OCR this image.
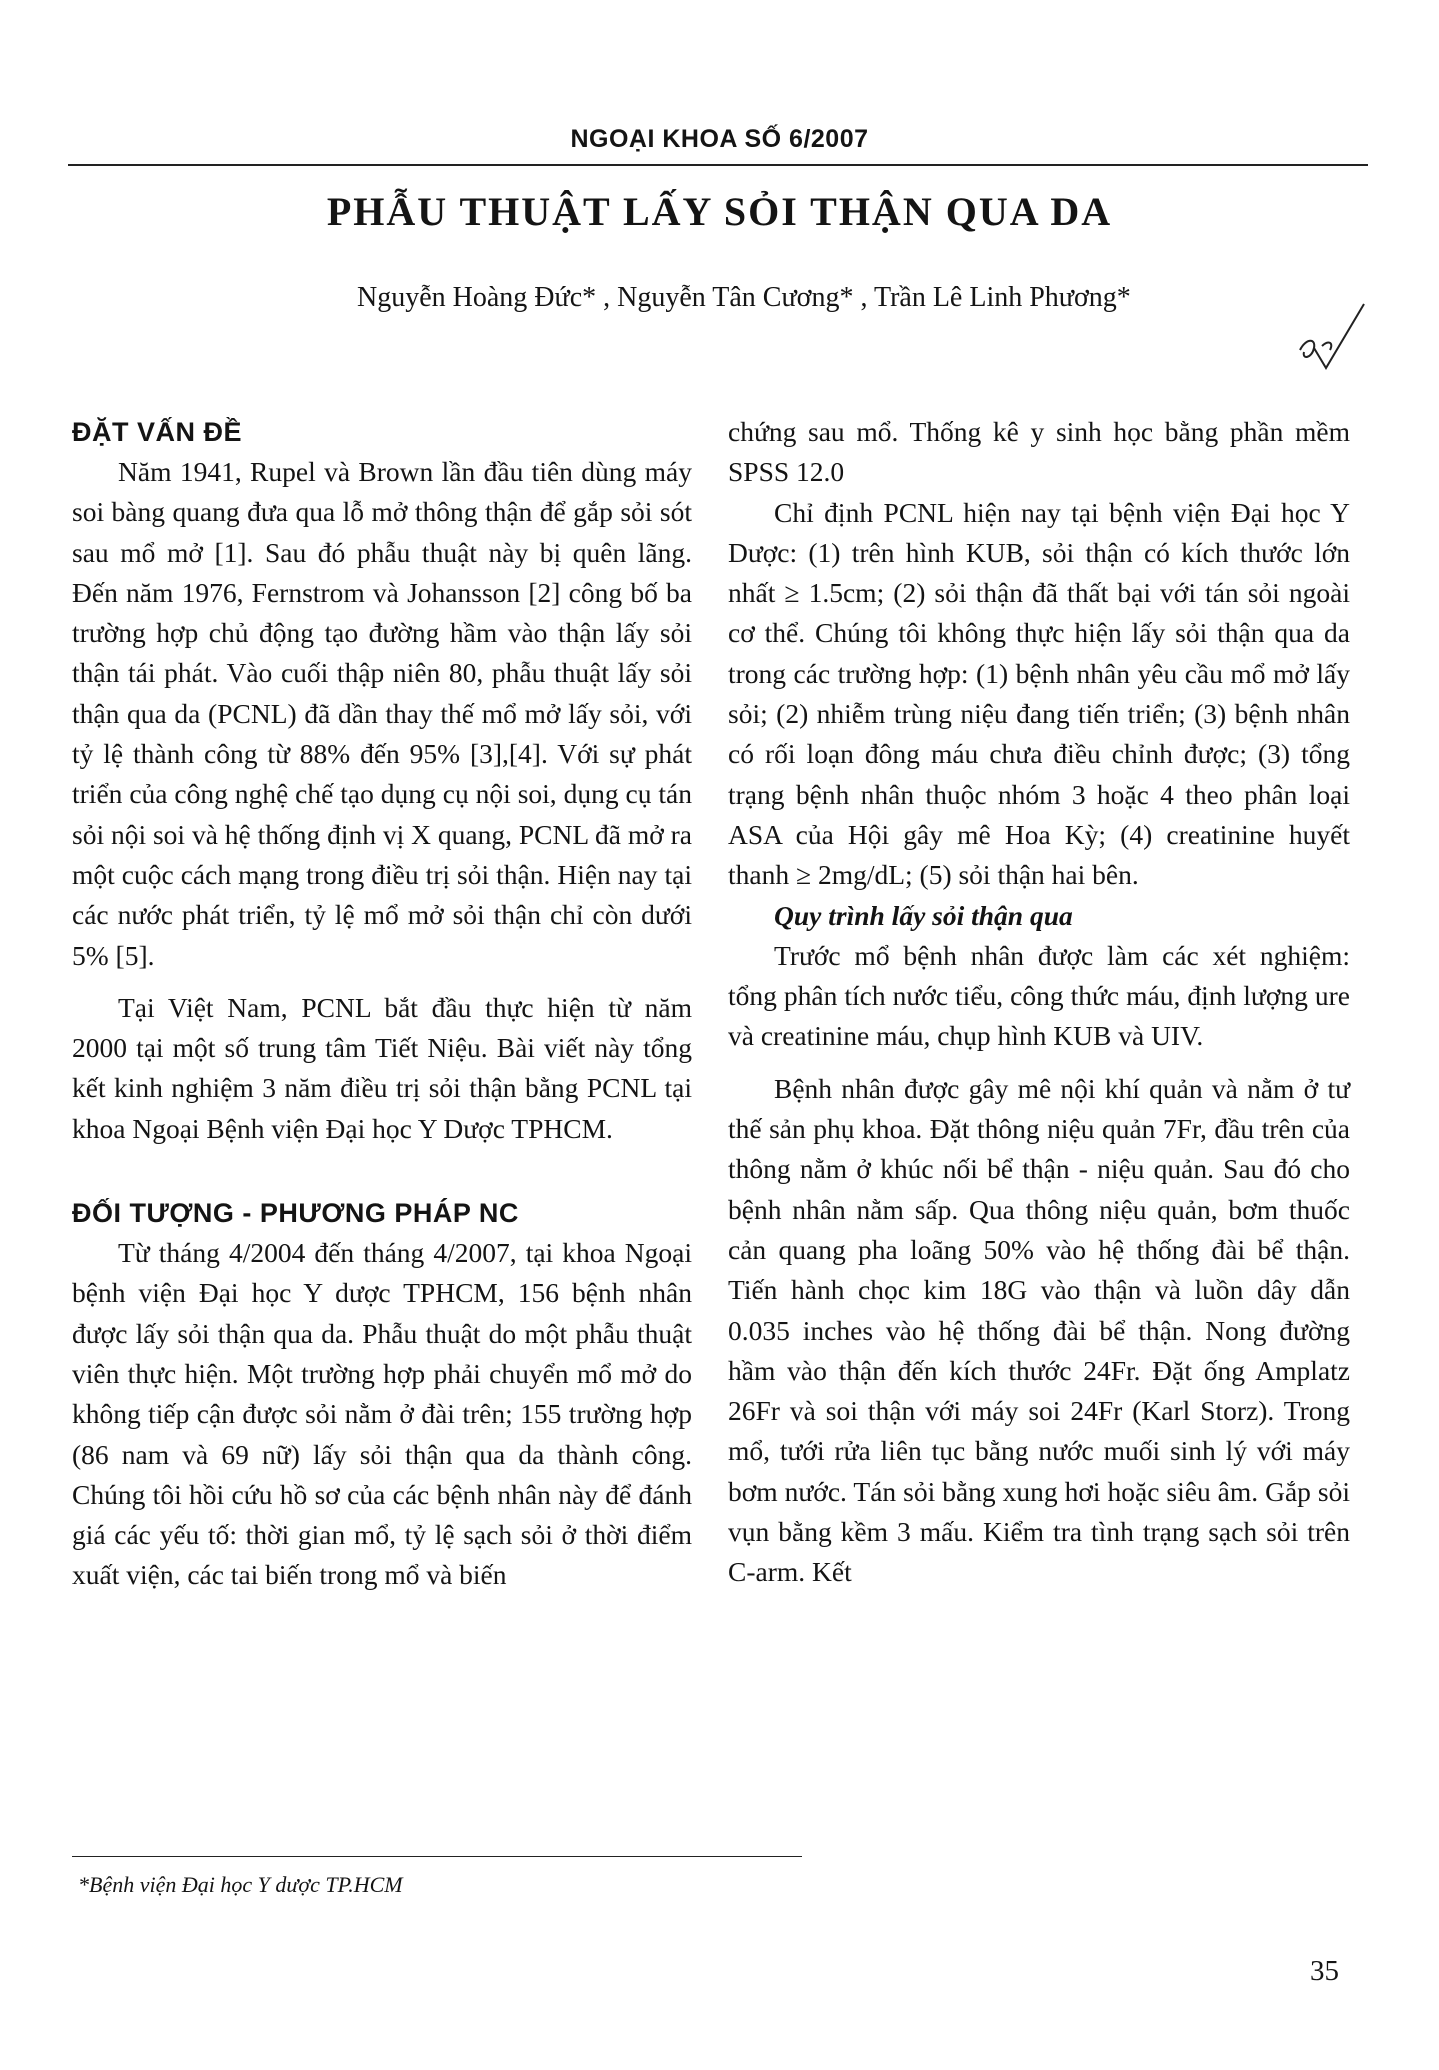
NGOẠI KHOA SỐ 6/2007
PHẪU THUẬT LẤY SỎI THẬN QUA DA
Nguyễn Hoàng Đức* , Nguyễn Tân Cương* , Trần Lê Linh Phương*
ĐẶT VẤN ĐỀ

Năm 1941, Rupel và Brown lần đầu tiên dùng máy soi bàng quang đưa qua lỗ mở thông thận để gắp sỏi sót sau mổ mở [1]. Sau đó phẫu thuật này bị quên lãng. Đến năm 1976, Fernstrom và Johansson [2] công bố ba trường hợp chủ động tạo đường hầm vào thận lấy sỏi thận tái phát. Vào cuối thập niên 80, phẫu thuật lấy sỏi thận qua da (PCNL) đã dần thay thế mổ mở lấy sỏi, với tỷ lệ thành công từ 88% đến 95% [3],[4]. Với sự phát triển của công nghệ chế tạo dụng cụ nội soi, dụng cụ tán sỏi nội soi và hệ thống định vị X quang, PCNL đã mở ra một cuộc cách mạng trong điều trị sỏi thận. Hiện nay tại các nước phát triển, tỷ lệ mổ mở sỏi thận chỉ còn dưới 5% [5].

Tại Việt Nam, PCNL bắt đầu thực hiện từ năm 2000 tại một số trung tâm Tiết Niệu. Bài viết này tổng kết kinh nghiệm 3 năm điều trị sỏi thận bằng PCNL tại khoa Ngoại Bệnh viện Đại học Y Dược TPHCM.

ĐỐI TƯỢNG - PHƯƠNG PHÁP NC

Từ tháng 4/2004 đến tháng 4/2007, tại khoa Ngoại bệnh viện Đại học Y dược TPHCM, 156 bệnh nhân được lấy sỏi thận qua da. Phẫu thuật do một phẫu thuật viên thực hiện. Một trường hợp phải chuyển mổ mở do không tiếp cận được sỏi nằm ở đài trên; 155 trường hợp (86 nam và 69 nữ) lấy sỏi thận qua da thành công. Chúng tôi hồi cứu hồ sơ của các bệnh nhân này để đánh giá các yếu tố: thời gian mổ, tỷ lệ sạch sỏi ở thời điểm xuất viện, các tai biến trong mổ và biến

chứng sau mổ. Thống kê y sinh học bằng phần mềm SPSS 12.0

Chỉ định PCNL hiện nay tại bệnh viện Đại học Y Dược: (1) trên hình KUB, sỏi thận có kích thước lớn nhất ≥ 1.5cm; (2) sỏi thận đã thất bại với tán sỏi ngoài cơ thể. Chúng tôi không thực hiện lấy sỏi thận qua da trong các trường hợp: (1) bệnh nhân yêu cầu mổ mở lấy sỏi; (2) nhiễm trùng niệu đang tiến triển; (3) bệnh nhân có rối loạn đông máu chưa điều chỉnh được; (3) tổng trạng bệnh nhân thuộc nhóm 3 hoặc 4 theo phân loại ASA của Hội gây mê Hoa Kỳ; (4) creatinine huyết thanh ≥ 2mg/dL; (5) sỏi thận hai bên.

Quy trình lấy sỏi thận qua

Trước mổ bệnh nhân được làm các xét nghiệm: tổng phân tích nước tiểu, công thức máu, định lượng ure và creatinine máu, chụp hình KUB và UIV.

Bệnh nhân được gây mê nội khí quản và nằm ở tư thế sản phụ khoa. Đặt thông niệu quản 7Fr, đầu trên của thông nằm ở khúc nối bể thận - niệu quản. Sau đó cho bệnh nhân nằm sấp. Qua thông niệu quản, bơm thuốc cản quang pha loãng 50% vào hệ thống đài bể thận. Tiến hành chọc kim 18G vào thận và luồn dây dẫn 0.035 inches vào hệ thống đài bể thận. Nong đường hầm vào thận đến kích thước 24Fr. Đặt ống Amplatz 26Fr và soi thận với máy soi 24Fr (Karl Storz). Trong mổ, tưới rửa liên tục bằng nước muối sinh lý với máy bơm nước. Tán sỏi bằng xung hơi hoặc siêu âm. Gắp sỏi vụn bằng kềm 3 mấu. Kiểm tra tình trạng sạch sỏi trên C-arm. Kết

*Bệnh viện Đại học Y dược TP.HCM
35
